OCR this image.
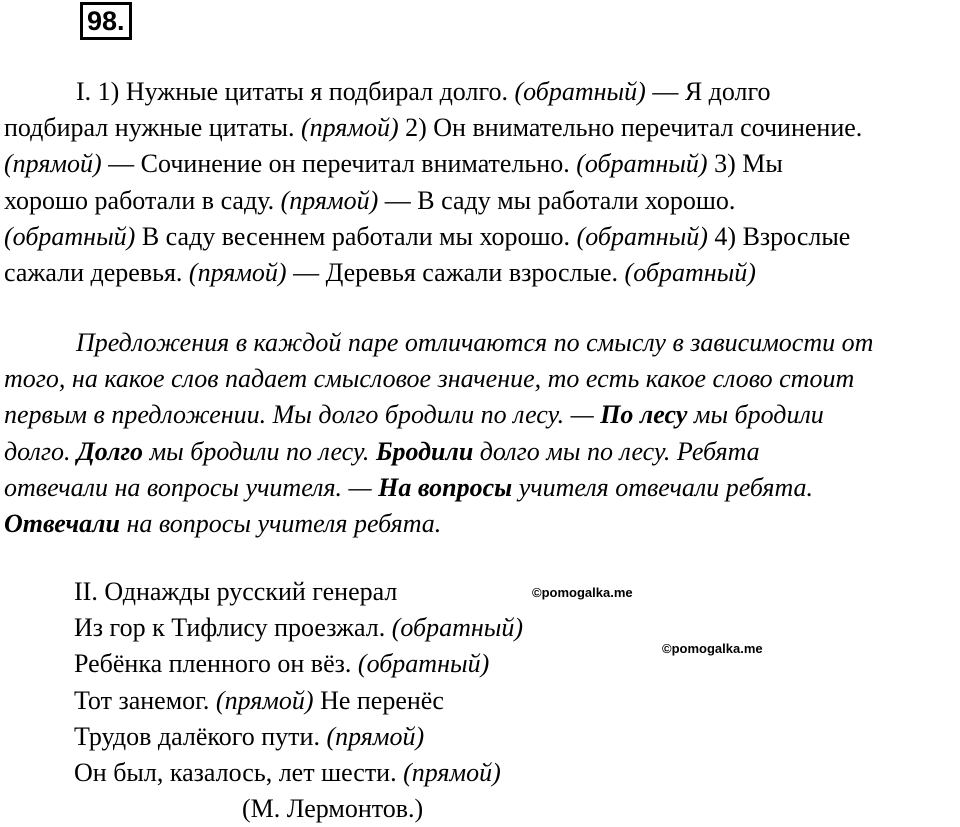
98.
I. 1) Нужные цитаты я подбирал долго. (обратный) — Я долго
подбирал нужные цитаты. (прямой) 2) Он внимательно перечитал сочинение.
(прямой) — Сочинение он перечитал внимательно. (обратный) 3) Мы
хорошо работали в саду. (прямой) — В саду мы работали хорошо.
(обратный) В саду весеннем работали мы хорошо. (обратный) 4) Взрослые
сажали деревья. (прямой) — Деревья сажали взрослые. (обратный)
Предложения в каждой паре отличаются по смыслу в зависимости от
того, на какое слов падает смысловое значение, то есть какое слово стоит
первым в предложении. Мы долго бродили по лесу. — По лесу мы бродили
долго. Долго мы бродили по лесу. Бродили долго мы по лесу. Ребята
отвечали на вопросы учителя. — На вопросы учителя отвечали ребята.
Отвечали на вопросы учителя ребята.
II. Однажды русский генерал
Из гор к Тифлису проезжал. (обратный)
Ребёнка пленного он вёз. (обратный)
Тот занемог. (прямой) Не перенёс
Трудов далёкого пути. (прямой)
Он был, казалось, лет шести. (прямой)
(М. Лермонтов.)
©pomogalka.me
©pomogalka.me
